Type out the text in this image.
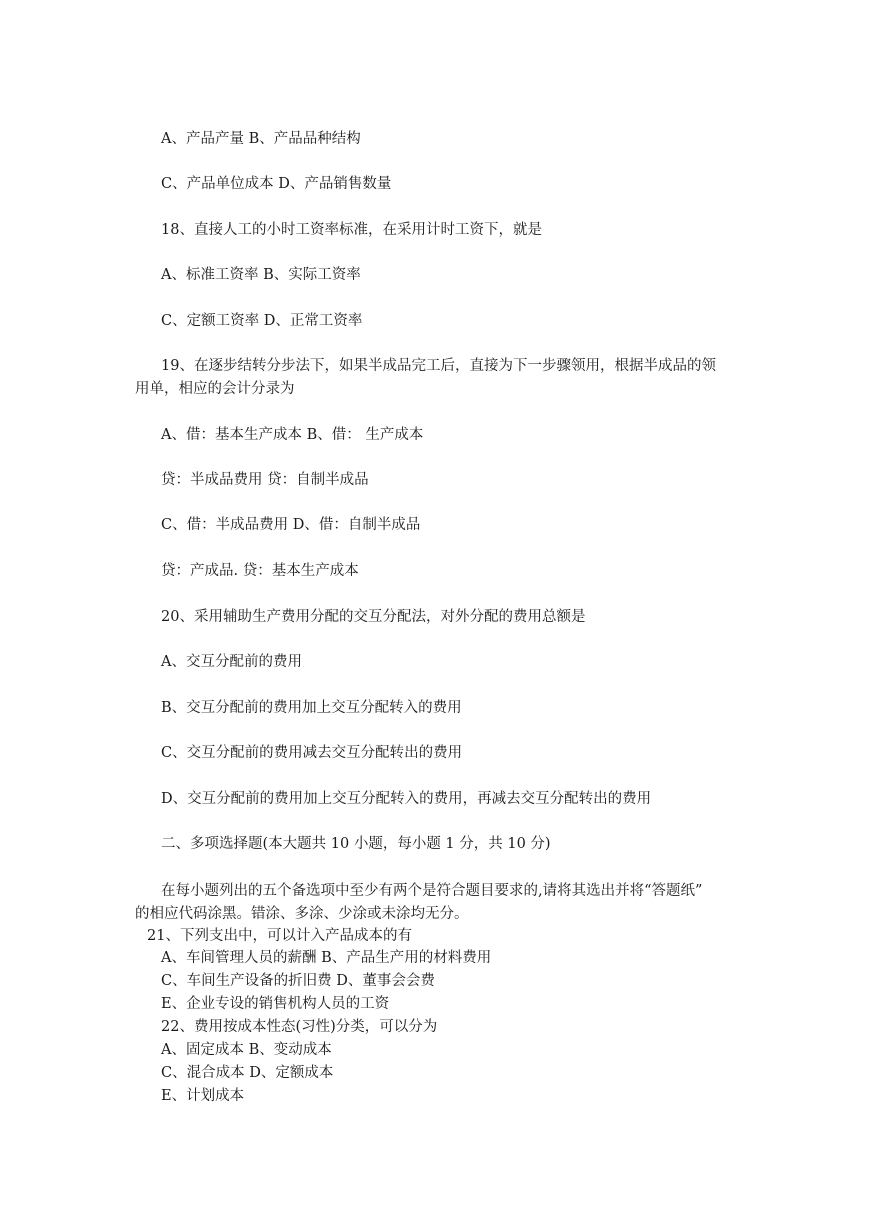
A、产品产量 B、产品品种结构
C、产品单位成本 D、产品销售数量
18、直接人工的小时工资率标准，在采用计时工资下，就是
A、标准工资率 B、实际工资率
C、定额工资率 D、正常工资率
19、在逐步结转分步法下，如果半成品完工后，直接为下一步骤领用，根据半成品的领
用单，相应的会计分录为
A、借：基本生产成本 B、借： 生产成本
贷：半成品费用 贷：自制半成品
C、借：半成品费用 D、借：自制半成品
贷：产成品. 贷：基本生产成本
20、采用辅助生产费用分配的交互分配法，对外分配的费用总额是
A、交互分配前的费用
B、交互分配前的费用加上交互分配转入的费用
C、交互分配前的费用减去交互分配转出的费用
D、交互分配前的费用加上交互分配转入的费用，再减去交互分配转出的费用
二、多项选择题(本大题共 10 小题，每小题 1 分，共 10 分)
在每小题列出的五个备选项中至少有两个是符合题目要求的,请将其选出并将“答题纸”
的相应代码涂黑。错涂、多涂、少涂或未涂均无分。
21、下列支出中，可以计入产品成本的有
A、车间管理人员的薪酬 B、产品生产用的材料费用
C、车间生产设备的折旧费 D、董事会会费
E、企业专设的销售机构人员的工资
22、费用按成本性态(习性)分类，可以分为
A、固定成本 B、变动成本
C、混合成本 D、定额成本
E、计划成本
